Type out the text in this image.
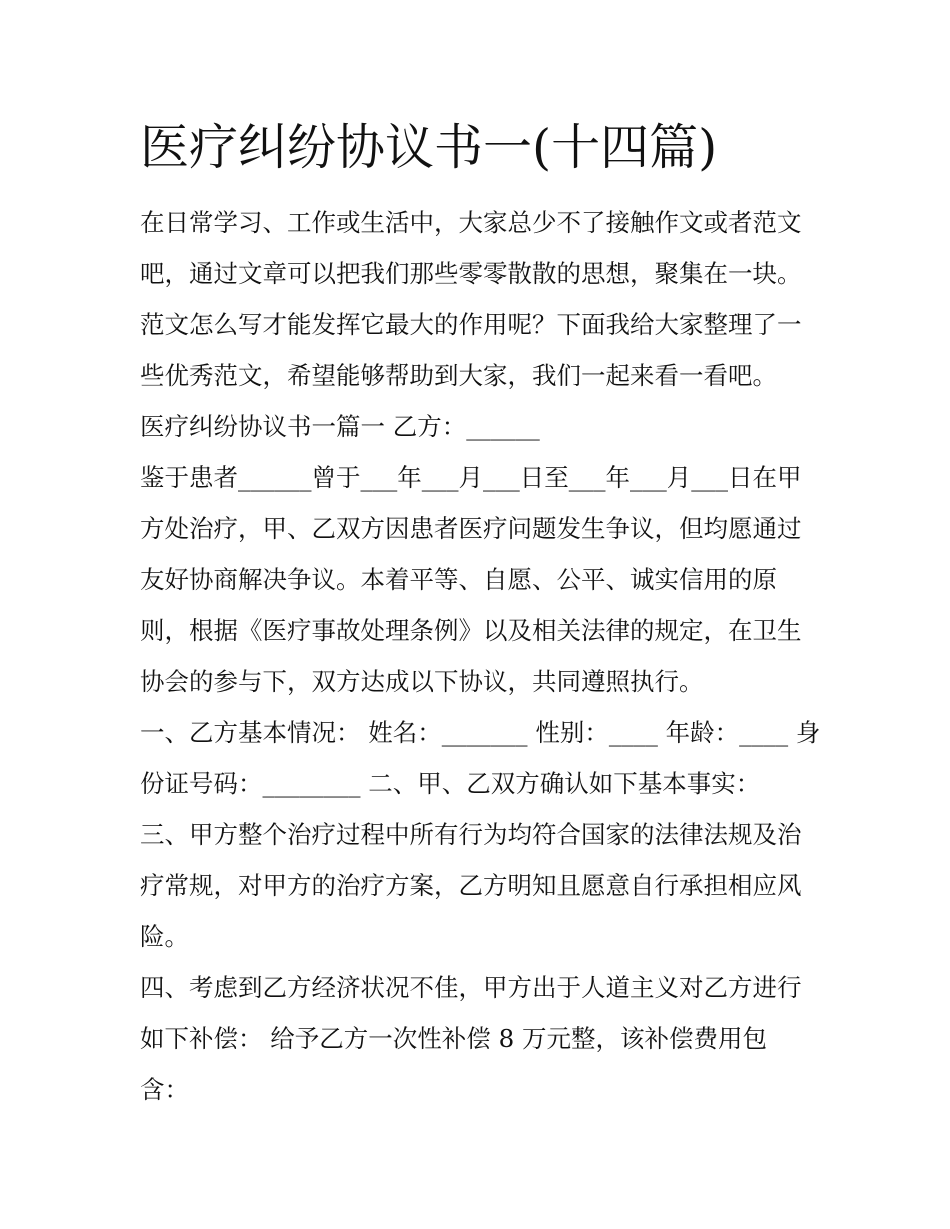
医疗纠纷协议书一(十四篇)

在日常学习、工作或生活中，大家总少不了接触作文或者范文

吧，通过文章可以把我们那些零零散散的思想，聚集在一块。

范文怎么写才能发挥它最大的作用呢？下面我给大家整理了一

些优秀范文，希望能够帮助到大家，我们一起来看一看吧。

医疗纠纷协议书一篇一 乙方：______

鉴于患者______曾于___年___月___日至___年___月___日在甲

方处治疗，甲、乙双方因患者医疗问题发生争议，但均愿通过

友好协商解决争议。本着平等、自愿、公平、诚实信用的原

则，根据《医疗事故处理条例》以及相关法律的规定，在卫生

协会的参与下，双方达成以下协议，共同遵照执行。

一、乙方基本情况： 姓名：_______ 性别：____ 年龄：____ 身

份证号码：________ 二、甲、乙双方确认如下基本事实：

三、甲方整个治疗过程中所有行为均符合国家的法律法规及治

疗常规，对甲方的治疗方案，乙方明知且愿意自行承担相应风

险。

四、考虑到乙方经济状况不佳，甲方出于人道主义对乙方进行

如下补偿： 给予乙方一次性补偿 8 万元整，该补偿费用包

含：
